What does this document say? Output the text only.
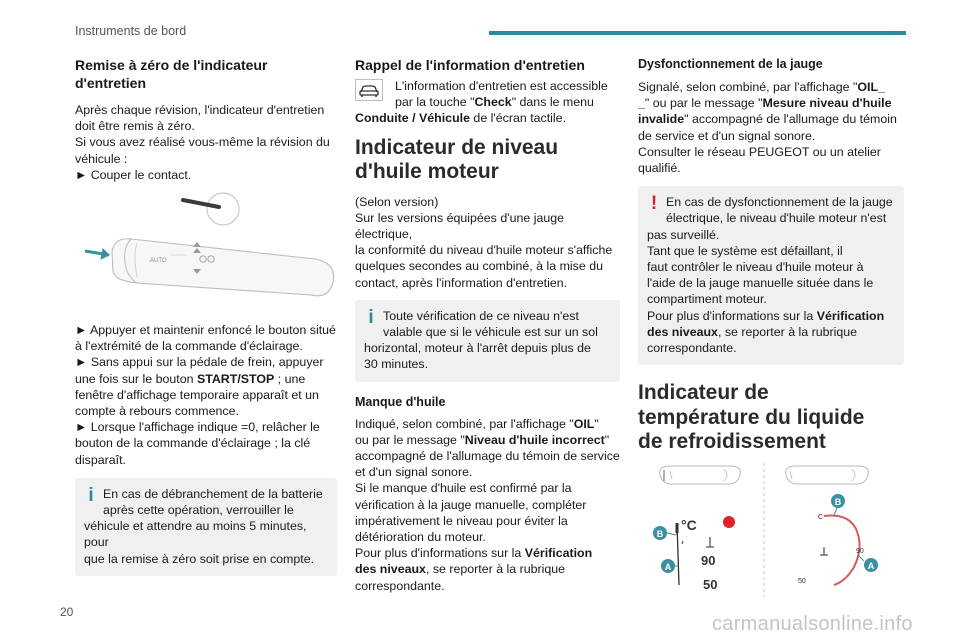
Instruments de bord
Remise à zéro de l'indicateur d'entretien

Après chaque révision, l'indicateur d'entretien

doit être remis à zéro.

Si vous avez réalisé vous-même la révision du

véhicule :

► Couper le contact.

AUTO

► Appuyer et maintenir enfoncé le bouton situé

à l'extrémité de la commande d'éclairage.

► Sans appui sur la pédale de frein, appuyer

une fois sur le bouton START/STOP ; une

fenêtre d'affichage temporaire apparaît et un

compte à rebours commence.

► Lorsque l'affichage indique =0, relâcher le

bouton de la commande d'éclairage ; la clé

disparaît.

i En cas de débranchement de la batterie

après cette opération, verrouiller le

véhicule et attendre au moins 5 minutes, pour

que la remise à zéro soit prise en compte.

Rappel de l'information d'entretien

L'information d'entretien est accessible

par la touche "Check" dans le menu

Conduite / Véhicule de l'écran tactile.

Indicateur de niveau d'huile moteur

(Selon version)

Sur les versions équipées d'une jauge électrique,

la conformité du niveau d'huile moteur s'affiche

quelques secondes au combiné, à la mise du

contact, après l'information d'entretien.

i Toute vérification de ce niveau n'est

valable que si le véhicule est sur un sol

horizontal, moteur à l'arrêt depuis plus de

30 minutes.

Manque d'huile

Indiqué, selon combiné, par l'affichage "OIL"

ou par le message "Niveau d'huile incorrect"

accompagné de l'allumage du témoin de service

et d'un signal sonore.

Si le manque d'huile est confirmé par la

vérification à la jauge manuelle, compléter

impérativement le niveau pour éviter la

détérioration du moteur.

Pour plus d'informations sur la Vérification

des niveaux, se reporter à la rubrique

correspondante.

Dysfonctionnement de la jauge

Signalé, selon combiné, par l'affichage "OIL_

_" ou par le message "Mesure niveau d'huile

invalide" accompagné de l'allumage du témoin

de service et d'un signal sonore.

Consulter le réseau PEUGEOT ou un atelier

qualifié.

! En cas de dysfonctionnement de la jauge

électrique, le niveau d'huile moteur n'est

pas surveillé.

Tant que le système est défaillant, il

faut contrôler le niveau d'huile moteur à

l'aide de la jauge manuelle située dans le

compartiment moteur.

Pour plus d'informations sur la Vérification

des niveaux, se reporter à la rubrique

correspondante.

Indicateur de température du liquide de refroidissement
°C
90
50
B
A
C
90
50
B
A
20
carmanualsonline.info
